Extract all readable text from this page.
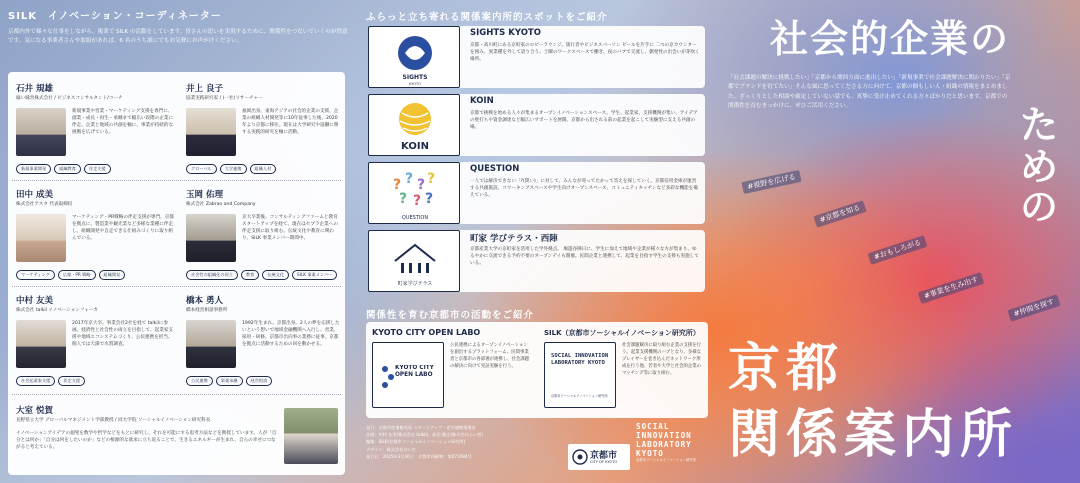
SILK　イノベーション・コーディネーター
京都内外で様々な仕事をしながら、複業で SILK の活動をしています。皆さんの思いを実現するために、関係性をつないでいくのが得意です。気になる事業者さんや取組があれば、6 名のうち誰にでもお気軽にお声がけください。
石井 規雄
縁い縁営株式会社 / ビジネスコンサルタント/コーチ
新規事業や営業・マーケティング支援を専門に、創業・成長・再生・承継まで幅広い段階の企業に伴走。企業と地域の共創を軸に、事業が持続的な挑戦を広げている。
新規事業開発	組織教育	伴走支援
井上 良子
協業実践研究家 / (一社)リサーチャー
福岡出身。東海アジアの社会的企業の支援、企業の組織人材開発等に10年従事した後、2020年より京都に移住。現在は大学研究や協働に関する実践的研究を軸に活動。
グローバル	大学連携	組織人材
田中 成美
株式会社アスタ 代表取締役
マーケティング・PR戦略の伴走支援が専門。京都を拠点に、製造業や観光業など多様な業種に伴走し、組織開発や自走できる仕組みづくりに取り組んでいる。
マーケティング	広報・PR 戦略	組織開発
玉岡 佑理
株式会社 Zabrao and Company
京大卒業後、コンサルティングファームと教育スタートアップを経て、現在はセプラ企業への伴走支援に取り組む。伝統文化や教育に関わり、SILK 事業メンバー期間中。
社会性の組織化の両立	教育	伝統文化	SILK 事業メンバー
中村 友美
株式会社 talkil イノベーションフォーカ
2017年京大卒。事業会社2社を経て talkilに参画。経済性と社会性の両立を目指して、起業家支援や地域エコシステムづくり、公民連携を担当。個人では天満で水質調査。
社会起業家支援	伴走支援
橋本 勇人
橋本経営相談事務所
1992年生まれ。京都出身。2人の夢を応援したいという想いで地域金融機関へ入行し、営業、採用・研修。京都市出向事の業務に従事。京都を拠点に活動するための回を動かせる。
公民連携	事業承継	経営相談
大室 悦賀
長野県立大学 グローバルマネジメント学部教授 / 同大学院 ソーシャルイノベーション研究科長
イノベーションアイデアの創発を数学や哲学などをもとに研究し、それを可能にする思考方法などを教授しています。人が「自分とは何か」「自分は何をしたいのか」などの根源的な欲求に立ち返ることで、生きるエネルギーが生まれ、自らの幸せにつながると考えている。
ふらっと立ち寄れる関係案内所的スポットをご紹介
SIGHTS
KYOTO
SIGHTS KYOTO
京都・高川町にある京町家のロビーラウンジ。旅行者やビジネスパーソン ビールを片手に 二つの京カウンターを囲み、異業種を外して語り合う。土曜のワークスペースで働き、夜のバブで交流し、偶発性の出会いが芽吹く場所。
KOIN
KOIN
京都で挑戦を始める人々が集まるオープンイノベーションスペース。学生、起業家、支援機関が集い、アイデアの壁打ちや資金調達など幅広いサポートを展開。京都から出される前の起業を起こして実験型に支える共創の場。
? ? ? ?
? ? ?
QUESTION
QUESTION
一人では解決できない「?(問い)」に対して、みんなが寄ってたかって答えを探していく。京都信用金庫が運営する共創施設。コワーキングスペースや学生向けオープンスペース、コミュニティキッチンなど多彩な機能を備えている。
町家学びテラス
町家 学びテラス・西陣
京都産業大学の京町家を活用した学外拠点。 堀遊谷陣日に、学生に加えて地域や企業が様々な方が集まり、ゆるやかに交流できる予約不要のオープンデイも開催。民間企業と連携して、起業を目指す学生の支援も実施している。
関係性を育む京都市の活動をご紹介
KYOTO CITY OPEN LABO
KYOTO CITY OPEN LABO
公民連携によるオープンイノベーションを創出するプラットフォーム。民間事業者と京都市の各部署が連携し、社会課題の解決に向けて実証実験を行う。
SILK（京都市ソーシャルイノベーション研究所）
SOCIAL INNOVATION LABORATORY KYOTO
京都市ソーシャルイノベーション研究所
社会課題解決に取り組む企業の支援を行う。起業支援機関のハブとなり、多様なプレイヤーを巻き込んだネットワーク形成を行う他、若者や大学と社会的企業のマッチング等に取り組む。
発行：京都市産業観光局 スタートアップ・産学連携推進室
企画：中村 友美(株式会社 talkil)、前田 慶広(株式会社よい者)
編集：SILK(京都市ソーシャルイノベーション研究所)
デザイン：株式会社はいだ
発行日：2025年3月30日　京都市印刷物：第071084号	京都市
CITY OF KYOTO
SOCIAL
INNOVATION
LABORATORY
KYOTO
京都市ソーシャルイノベーション研究所
社会的企業の
た
め
の
「社会課題の解決に挑戦したい」「京都から関西方面に進出したい」「新規事業で社会課題解決に関わりたい」「京都でブランドを育てたい」そんな風に思ってくださる方に向けて、京都の個もしい人・組織の情報をまとめました。ざっくりとした相談や確定していない話でも、真摯に受け止めてくれる方々ばかりだと思います。京都での関係性を育むきっかけに、ぜひご活用ください。
#視野を広げる
#京都を知る
#おもしろがる
#事業を生み出す
#仲間を探す
京都
関係案内所
